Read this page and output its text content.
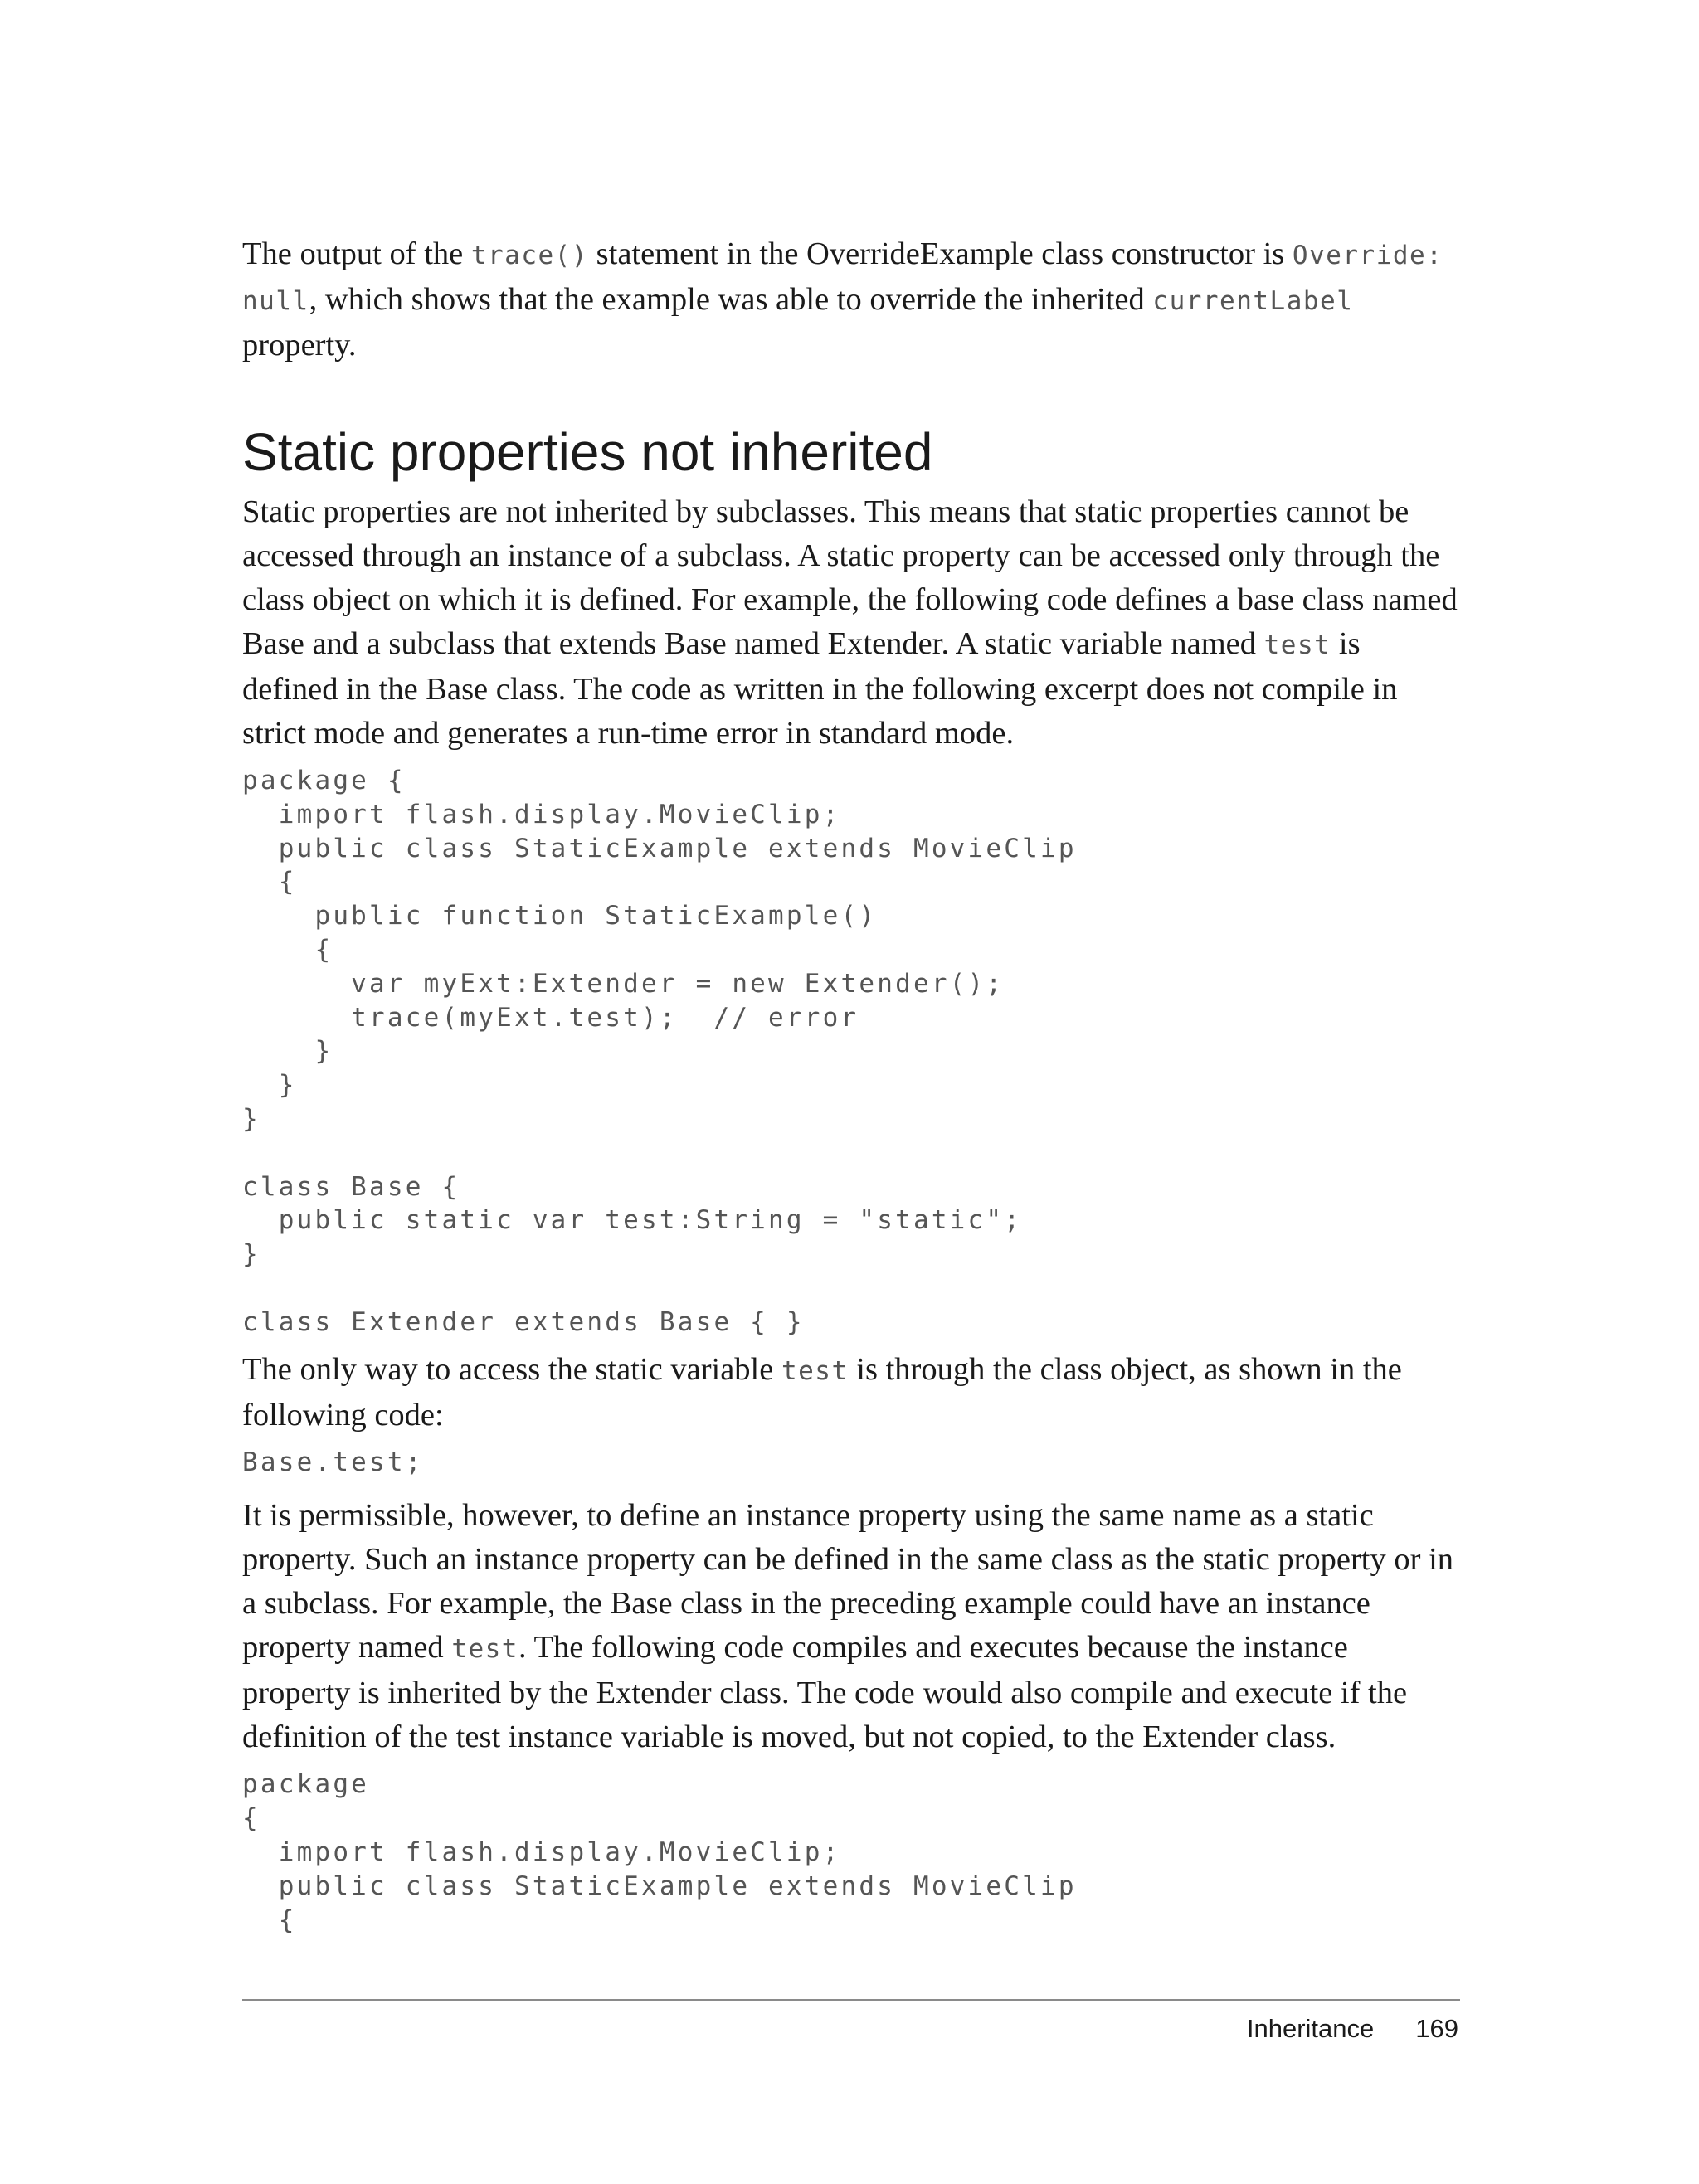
The output of the trace() statement in the OverrideExample class constructor is Override: null, which shows that the example was able to override the inherited currentLabel property.

Static properties not inherited

Static properties are not inherited by subclasses. This means that static properties cannot be accessed through an instance of a subclass. A static property can be accessed only through the class object on which it is defined. For example, the following code defines a base class named Base and a subclass that extends Base named Extender. A static variable named test is defined in the Base class. The code as written in the following excerpt does not compile in strict mode and generates a run-time error in standard mode.

package {
import flash.display.MovieClip;
public class StaticExample extends MovieClip
{
public function StaticExample()
{
var myExt:Extender = new Extender();
trace(myExt.test);  // error
}
}
}

class Base {
public static var test:String = "static";
}

class Extender extends Base { }

The only way to access the static variable test is through the class object, as shown in the following code:

Base.test;

It is permissible, however, to define an instance property using the same name as a static property. Such an instance property can be defined in the same class as the static property or in a subclass. For example, the Base class in the preceding example could have an instance property named test. The following code compiles and executes because the instance property is inherited by the Extender class. The code would also compile and execute if the definition of the test instance variable is moved, but not copied, to the Extender class.

package
{
import flash.display.MovieClip;
public class StaticExample extends MovieClip
{
Inheritance 169
